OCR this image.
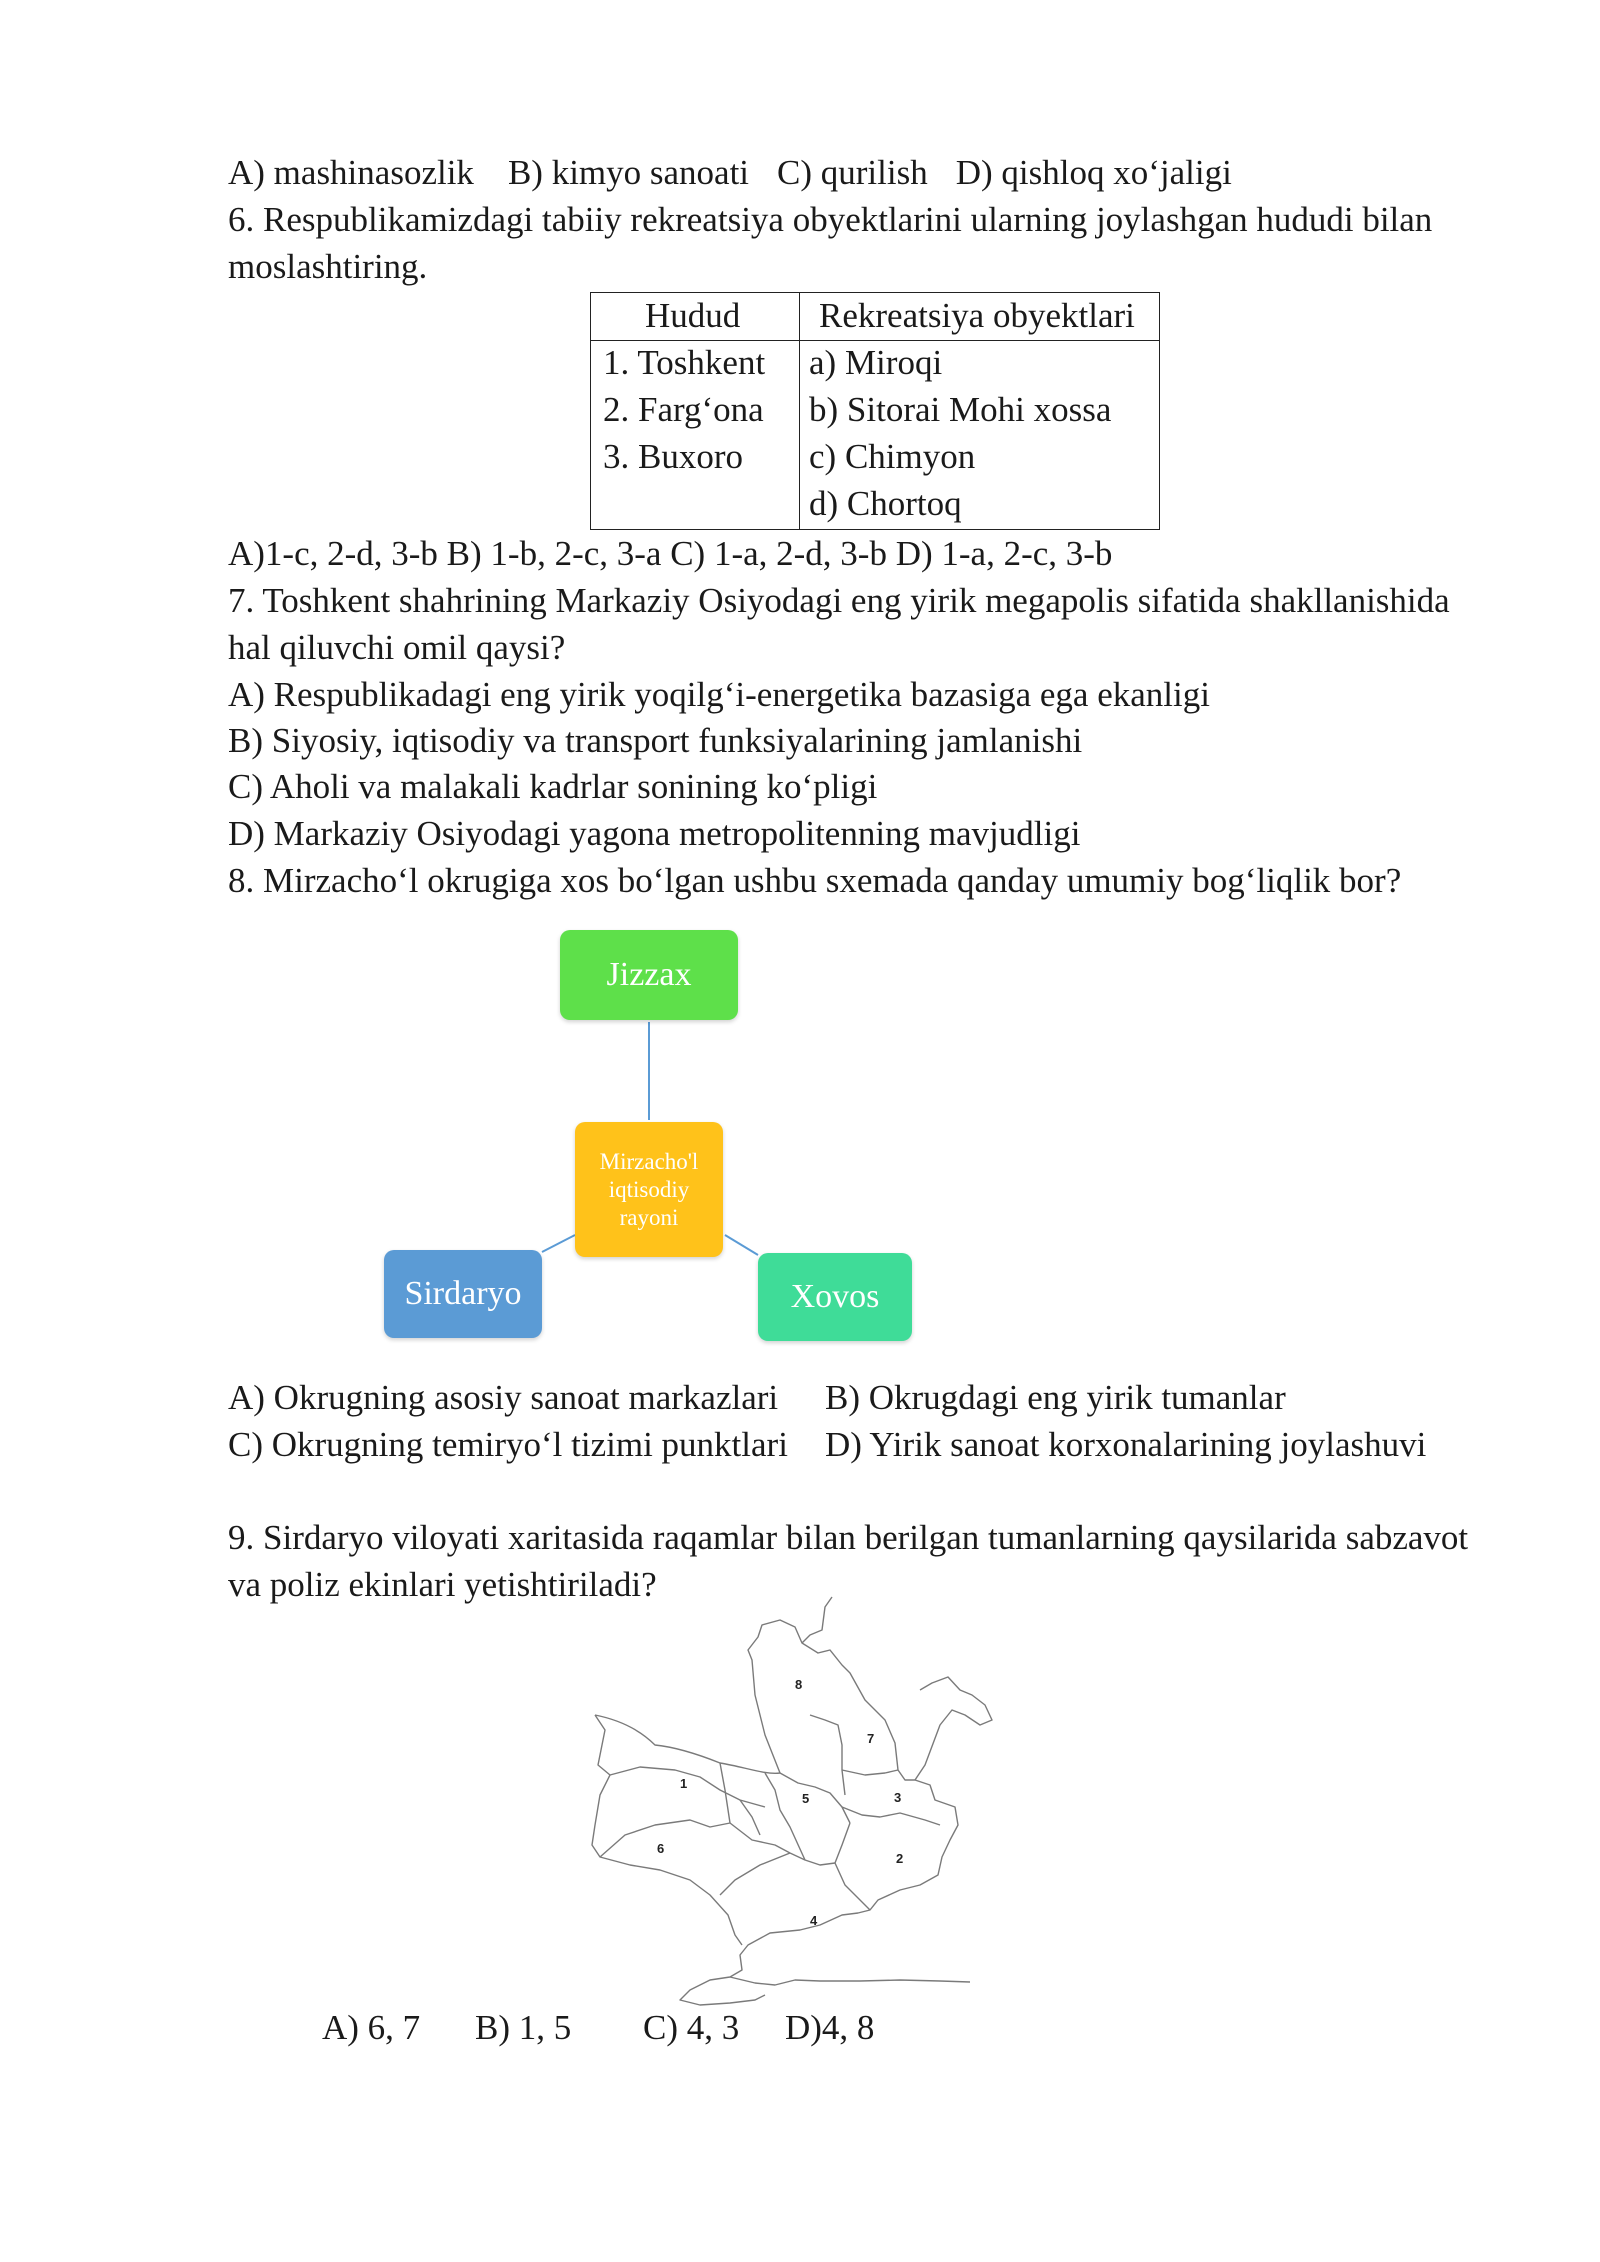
A) mashinasozlik B) kimyo sanoati C) qurilish D) qishloq xo‘jaligi
6. Respublikamizdagi tabiiy rekreatsiya obyektlarini ularning joylashgan hududi bilan
moslashtiring.
Hudud Rekreatsiya obyektlari
1. Toshkent
2. Farg‘ona
3. Buxoro
a) Miroqi
b) Sitorai Mohi xossa
c) Chimyon
d) Chortoq
A)1-c, 2-d, 3-b B) 1-b, 2-c, 3-a C) 1-a, 2-d, 3-b D) 1-a, 2-c, 3-b
7. Toshkent shahrining Markaziy Osiyodagi eng yirik megapolis sifatida shakllanishida
hal qiluvchi omil qaysi?
A) Respublikadagi eng yirik yoqilg‘i-energetika bazasiga ega ekanligi
B) Siyosiy, iqtisodiy va transport funksiyalarining jamlanishi
C) Aholi va malakali kadrlar sonining ko‘pligi
D) Markaziy Osiyodagi yagona metropolitenning mavjudligi
8. Mirzacho‘l okrugiga xos bo‘lgan ushbu sxemada qanday umumiy bog‘liqlik bor?
Jizzax
Mirzacho'l
iqtisodiy
rayoni
Sirdaryo	Xovos
A) Okrugning asosiy sanoat markazlari B) Okrugdagi eng yirik tumanlar
C) Okrugning temiryo‘l tizimi punktlari D) Yirik sanoat korxonalarining joylashuvi
9. Sirdaryo viloyati xaritasida raqamlar bilan berilgan tumanlarning qaysilarida sabzavot
va poliz ekinlari yetishtiriladi?
1
2
3
4
5
6
7
8
A) 6, 7 B) 1, 5 C) 4, 3 D)4, 8
